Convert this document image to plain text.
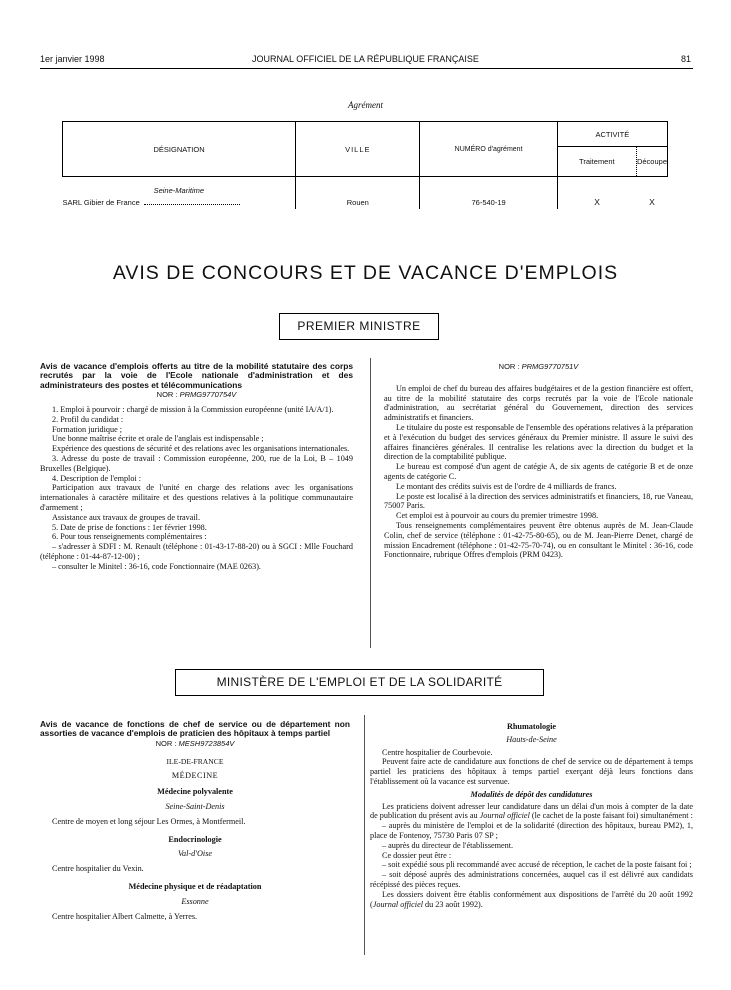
1er janvier 1998	JOURNAL OFFICIEL DE LA RÉPUBLIQUE FRANÇAISE	81
Agrément
DÉSIGNATION	VILLE	NUMÉRO d'agrément	ACTIVITÉ	
			Traitement	Découpe
Seine-Maritime				
SARL Gibier de France	Rouen	76-540-19	X	X
AVIS DE CONCOURS ET DE VACANCE D'EMPLOIS
PREMIER MINISTRE

Avis de vacance d'emplois offerts au titre de la mobilité statutaire des corps recrutés par la voie de l'Ecole nationale d'administration et des administrateurs des postes et télécommunications

NOR : PRMG9770754V

1. Emploi à pourvoir : chargé de mission à la Commission européenne (unité IA/A/1).

2. Profil du candidat :

Formation juridique ;

Une bonne maîtrise écrite et orale de l'anglais est indispensable ;

Expérience des questions de sécurité et des relations avec les organisations internationales.

3. Adresse du poste de travail : Commission européenne, 200, rue de la Loi, B – 1049 Bruxelles (Belgique).

4. Description de l'emploi :

Participation aux travaux de l'unité en charge des relations avec les organisations internationales à caractère militaire et des questions relatives à la politique communautaire d'armement ;

Assistance aux travaux de groupes de travail.

5. Date de prise de fonctions : 1er février 1998.

6. Pour tous renseignements complémentaires :

– s'adresser à SDFI : M. Renault (téléphone : 01-43-17-88-20) ou à SGCI : Mlle Fouchard (téléphone : 01-44-87-12-00) ;

– consulter le Minitel : 36-16, code Fonctionnaire (MAE 0263).

NOR : PRMG9770751V

Un emploi de chef du bureau des affaires budgétaires et de la gestion financière est offert, au titre de la mobilité statutaire des corps recrutés par la voie de l'Ecole nationale d'administration, au secrétariat général du Gouvernement, direction des services administratifs et financiers.

Le titulaire du poste est responsable de l'ensemble des opérations relatives à la préparation et à l'exécution du budget des services généraux du Premier ministre. Il assure le suivi des affaires financières générales. Il centralise les relations avec la direction du budget et la direction de la comptabilité publique.

Le bureau est composé d'un agent de catégie A, de six agents de catégorie B et de onze agents de catégorie C.

Le montant des crédits suivis est de l'ordre de 4 milliards de francs.

Le poste est localisé à la direction des services administratifs et financiers, 18, rue Vaneau, 75007 Paris.

Cet emploi est à pourvoir au cours du premier trimestre 1998.

Tous renseignements complémentaires peuvent être obtenus auprès de M. Jean-Claude Colin, chef de service (téléphone : 01-42-75-80-65), ou de M. Jean-Pierre Denet, chargé de mission Encadrement (téléphone : 01-42-75-70-74), ou en consultant le Minitel : 36-16, code Fonctionnaire, rubrique Offres d'emplois (PRM 0423).

MINISTÈRE DE L'EMPLOI ET DE LA SOLIDARITÉ

Avis de vacance de fonctions de chef de service ou de département non assorties de vacance d'emplois de praticien des hôpitaux à temps partiel

NOR : MESH9723854V

ILE-DE-FRANCE

MÉDECINE

Médecine polyvalente

Seine-Saint-Denis

Centre de moyen et long séjour Les Ormes, à Montfermeil.

Endocrinologie

Val-d'Oise

Centre hospitalier du Vexin.

Médecine physique et de réadaptation

Essonne

Centre hospitalier Albert Calmette, à Yerres.

Rhumatologie

Hauts-de-Seine

Centre hospitalier de Courbevoie.

Peuvent faire acte de candidature aux fonctions de chef de service ou de département à temps partiel les praticiens des hôpitaux à temps partiel exerçant déjà leurs fonctions dans l'établissement où la vacance est survenue.

Modalités de dépôt des candidatures

Les praticiens doivent adresser leur candidature dans un délai d'un mois à compter de la date de publication du présent avis au Journal officiel (le cachet de la poste faisant foi) simultanément :

– auprès du ministère de l'emploi et de la solidarité (direction des hôpitaux, bureau PM2), 1, place de Fontenoy, 75730 Paris 07 SP ;

– auprès du directeur de l'établissement.

Ce dossier peut être :

– soit expédié sous pli recommandé avec accusé de réception, le cachet de la poste faisant foi ;

– soit déposé auprès des administrations concernées, auquel cas il est délivré aux candidats récépissé des pièces reçues.

Les dossiers doivent être établis conformément aux dispositions de l'arrêté du 20 août 1992 (Journal officiel du 23 août 1992).
